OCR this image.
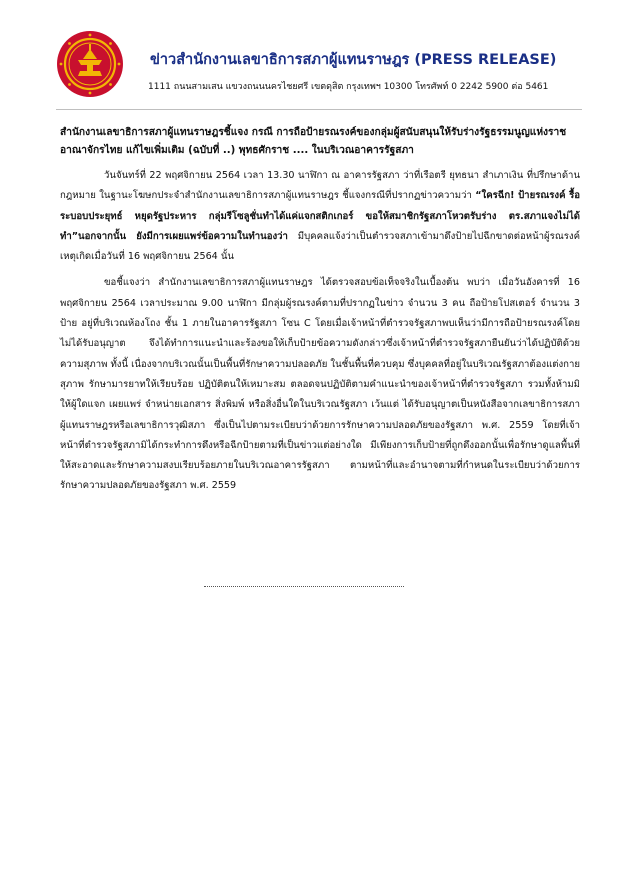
ข่าวสำนักงานเลขาธิการสภาผู้แทนราษฎร (PRESS RELEASE)
1111 ถนนสามเสน แขวงถนนนครไชยศรี เขตดุสิต กรุงเทพฯ 10300 โทรศัพท์ 0 2242 5900 ต่อ 5461
สำนักงานเลขาธิการสภาผู้แทนราษฎรชี้แจง กรณี การถือป้ายรณรงค์ของกลุ่มผู้สนับสนุนให้รับร่างรัฐธรรมนูญแห่งราชอาณาจักรไทย แก้ไขเพิ่มเติม (ฉบับที่ ..) พุทธศักราช .... ในบริเวณอาคารรัฐสภา

วันจันทร์ที่ 22 พฤศจิกายน 2564 เวลา 13.30 นาฬิกา ณ อาคารรัฐสภา ว่าที่เรือตรี ยุทธนา สำเภาเงิน ที่ปรึกษาด้านกฎหมาย ในฐานะโฆษกประจำสำนักงานเลขาธิการสภาผู้แทนราษฎร ชี้แจงกรณีที่ปรากฏข่าวความว่า “ใครฉีก! ป้ายรณรงค์ รื้อระบอบประยุทธ์ หยุดรัฐประหาร กลุ่มรีโซลูชั่นทำได้แค่แจกสติกเกอร์ ขอให้สมาชิกรัฐสภาโหวตรับร่าง ตร.สภาแจงไม่ได้ทำ”นอกจากนั้น ยังมีการเผยแพร่ข้อความในทำนองว่า มีบุคคลแจ้งว่าเป็นตำรวจสภาเข้ามาดึงป้ายไปฉีกขาดต่อหน้าผู้รณรงค์ เหตุเกิดเมื่อวันที่ 16 พฤศจิกายน 2564 นั้น

ขอชี้แจงว่า สำนักงานเลขาธิการสภาผู้แทนราษฎร ได้ตรวจสอบข้อเท็จจริงในเบื้องต้น พบว่า เมื่อวันอังคารที่ 16 พฤศจิกายน 2564 เวลาประมาณ 9.00 นาฬิกา มีกลุ่มผู้รณรงค์ตามที่ปรากฏในข่าว จำนวน 3 คน ถือป้ายโปสเตอร์ จำนวน 3 ป้าย อยู่ที่บริเวณห้องโถง ชั้น 1 ภายในอาคารรัฐสภา โซน C โดยเมื่อเจ้าหน้าที่ตำรวจรัฐสภาพบเห็นว่ามีการถือป้ายรณรงค์โดยไม่ได้รับอนุญาต จึงได้ทำการแนะนำและร้องขอให้เก็บป้ายข้อความดังกล่าวซึ่งเจ้าหน้าที่ตำรวจรัฐสภายืนยันว่าได้ปฏิบัติด้วยความสุภาพ ทั้งนี้ เนื่องจากบริเวณนั้นเป็นพื้นที่รักษาความปลอดภัย ในชั้นพื้นที่ควบคุม ซึ่งบุคคลที่อยู่ในบริเวณรัฐสภาต้องแต่งกายสุภาพ รักษามารยาทให้เรียบร้อย ปฏิบัติตนให้เหมาะสม ตลอดจนปฏิบัติตามคำแนะนำของเจ้าหน้าที่ตำรวจรัฐสภา รวมทั้งห้ามมิให้ผู้ใดแจก เผยแพร่ จำหน่ายเอกสาร สิ่งพิมพ์ หรือสิ่งอื่นใดในบริเวณรัฐสภา เว้นแต่ ได้รับอนุญาตเป็นหนังสือจากเลขาธิการสภาผู้แทนราษฎรหรือเลขาธิการวุฒิสภา ซึ่งเป็นไปตามระเบียบว่าด้วยการรักษาความปลอดภัยของรัฐสภา พ.ศ. 2559 โดยที่เจ้าหน้าที่ตำรวจรัฐสภามิได้กระทำการดึงหรือฉีกป้ายตามที่เป็นข่าวแต่อย่างใด มีเพียงการเก็บป้ายที่ถูกดึงออกนั้นเพื่อรักษาดูแลพื้นที่ให้สะอาดและรักษาความสงบเรียบร้อยภายในบริเวณอาคารรัฐสภา ตามหน้าที่และอำนาจตามที่กำหนดในระเบียบว่าด้วยการรักษาความปลอดภัยของรัฐสภา พ.ศ. 2559
